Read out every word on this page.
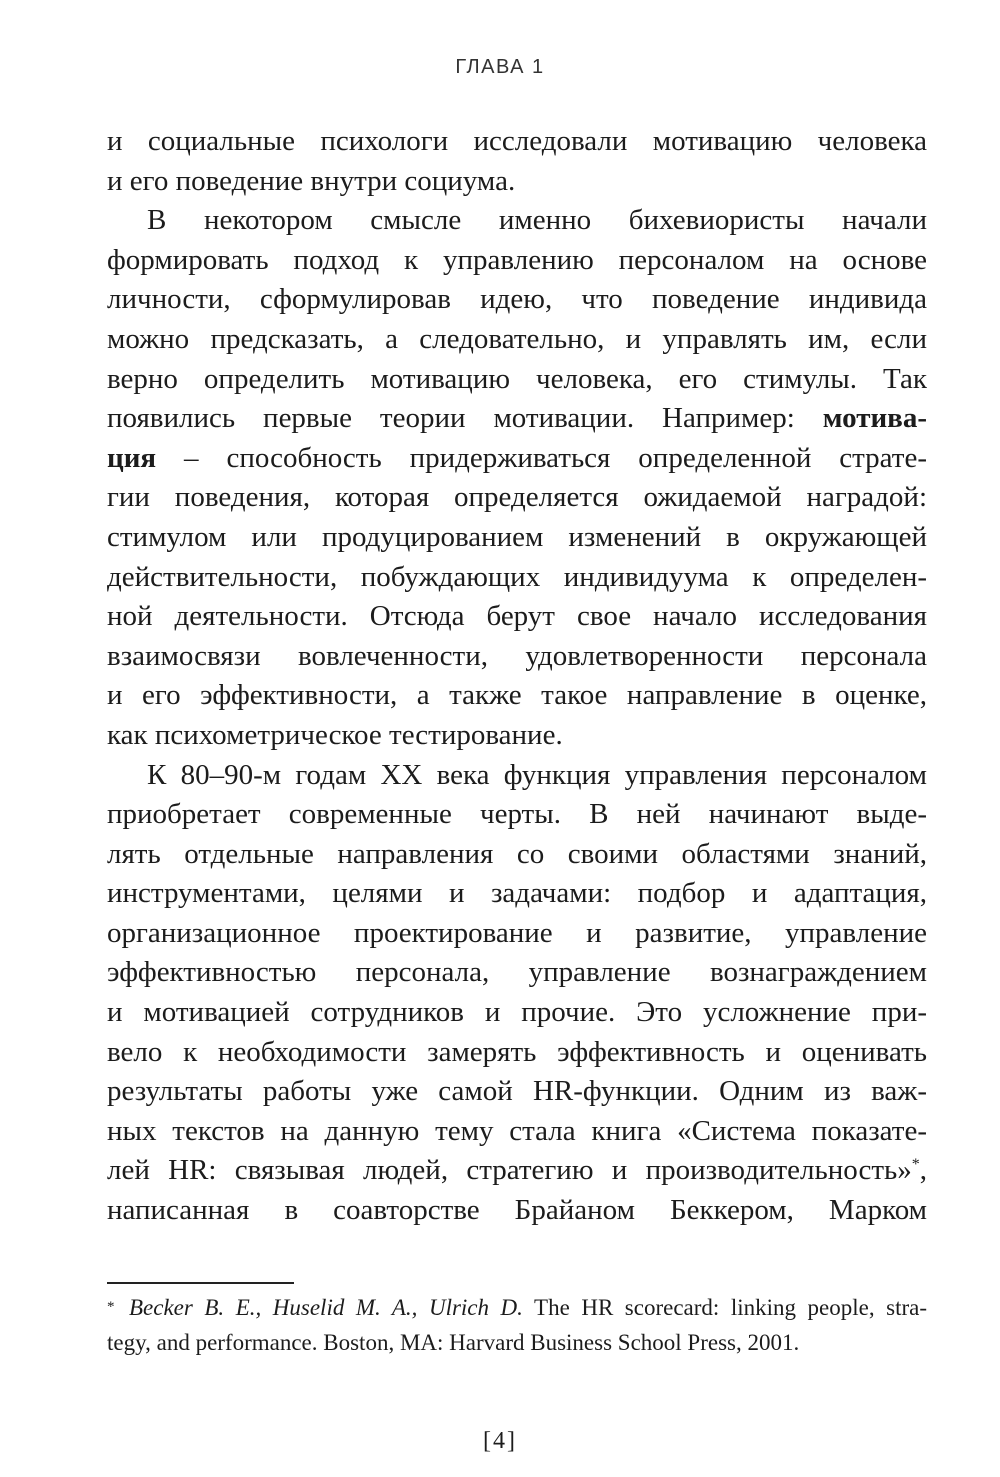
ГЛАВА 1
и социальные психологи исследовали мотивацию человека
и его поведение внутри социума.
В некотором смысле именно бихевиористы начали
формировать подход к управлению персоналом на основе
личности, сформулировав идею, что поведение индивида
можно предсказать, а следовательно, и управлять им, если
верно определить мотивацию человека, его стимулы. Так
появились первые теории мотивации. Например: мотива-
ция – способность придерживаться определенной страте-
гии поведения, которая определяется ожидаемой наградой:
стимулом или продуцированием изменений в окружающей
действительности, побуждающих индивидуума к определен-
ной деятельности. Отсюда берут свое начало исследования
взаимосвязи вовлеченности, удовлетворенности персонала
и его эффективности, а также такое направление в оценке,
как психометрическое тестирование.
К 80–90-м годам XX века функция управления персоналом
приобретает современные черты. В ней начинают выде-
лять отдельные направления со своими областями знаний,
инструментами, целями и задачами: подбор и адаптация,
организационное проектирование и развитие, управление
эффективностью персонала, управление вознаграждением
и мотивацией сотрудников и прочие. Это усложнение при-
вело к необходимости замерять эффективность и оценивать
результаты работы уже самой HR-функции. Одним из важ-
ных текстов на данную тему стала книга «Система показате-
лей HR: связывая людей, стратегию и производительность»*,
написанная в соавторстве Брайаном Беккером, Марком
* Becker B. E., Huselid M. A., Ulrich D. The HR scorecard: linking people, stra-
tegy, and performance. Boston, MA: Harvard Business School Press, 2001.
[4]
